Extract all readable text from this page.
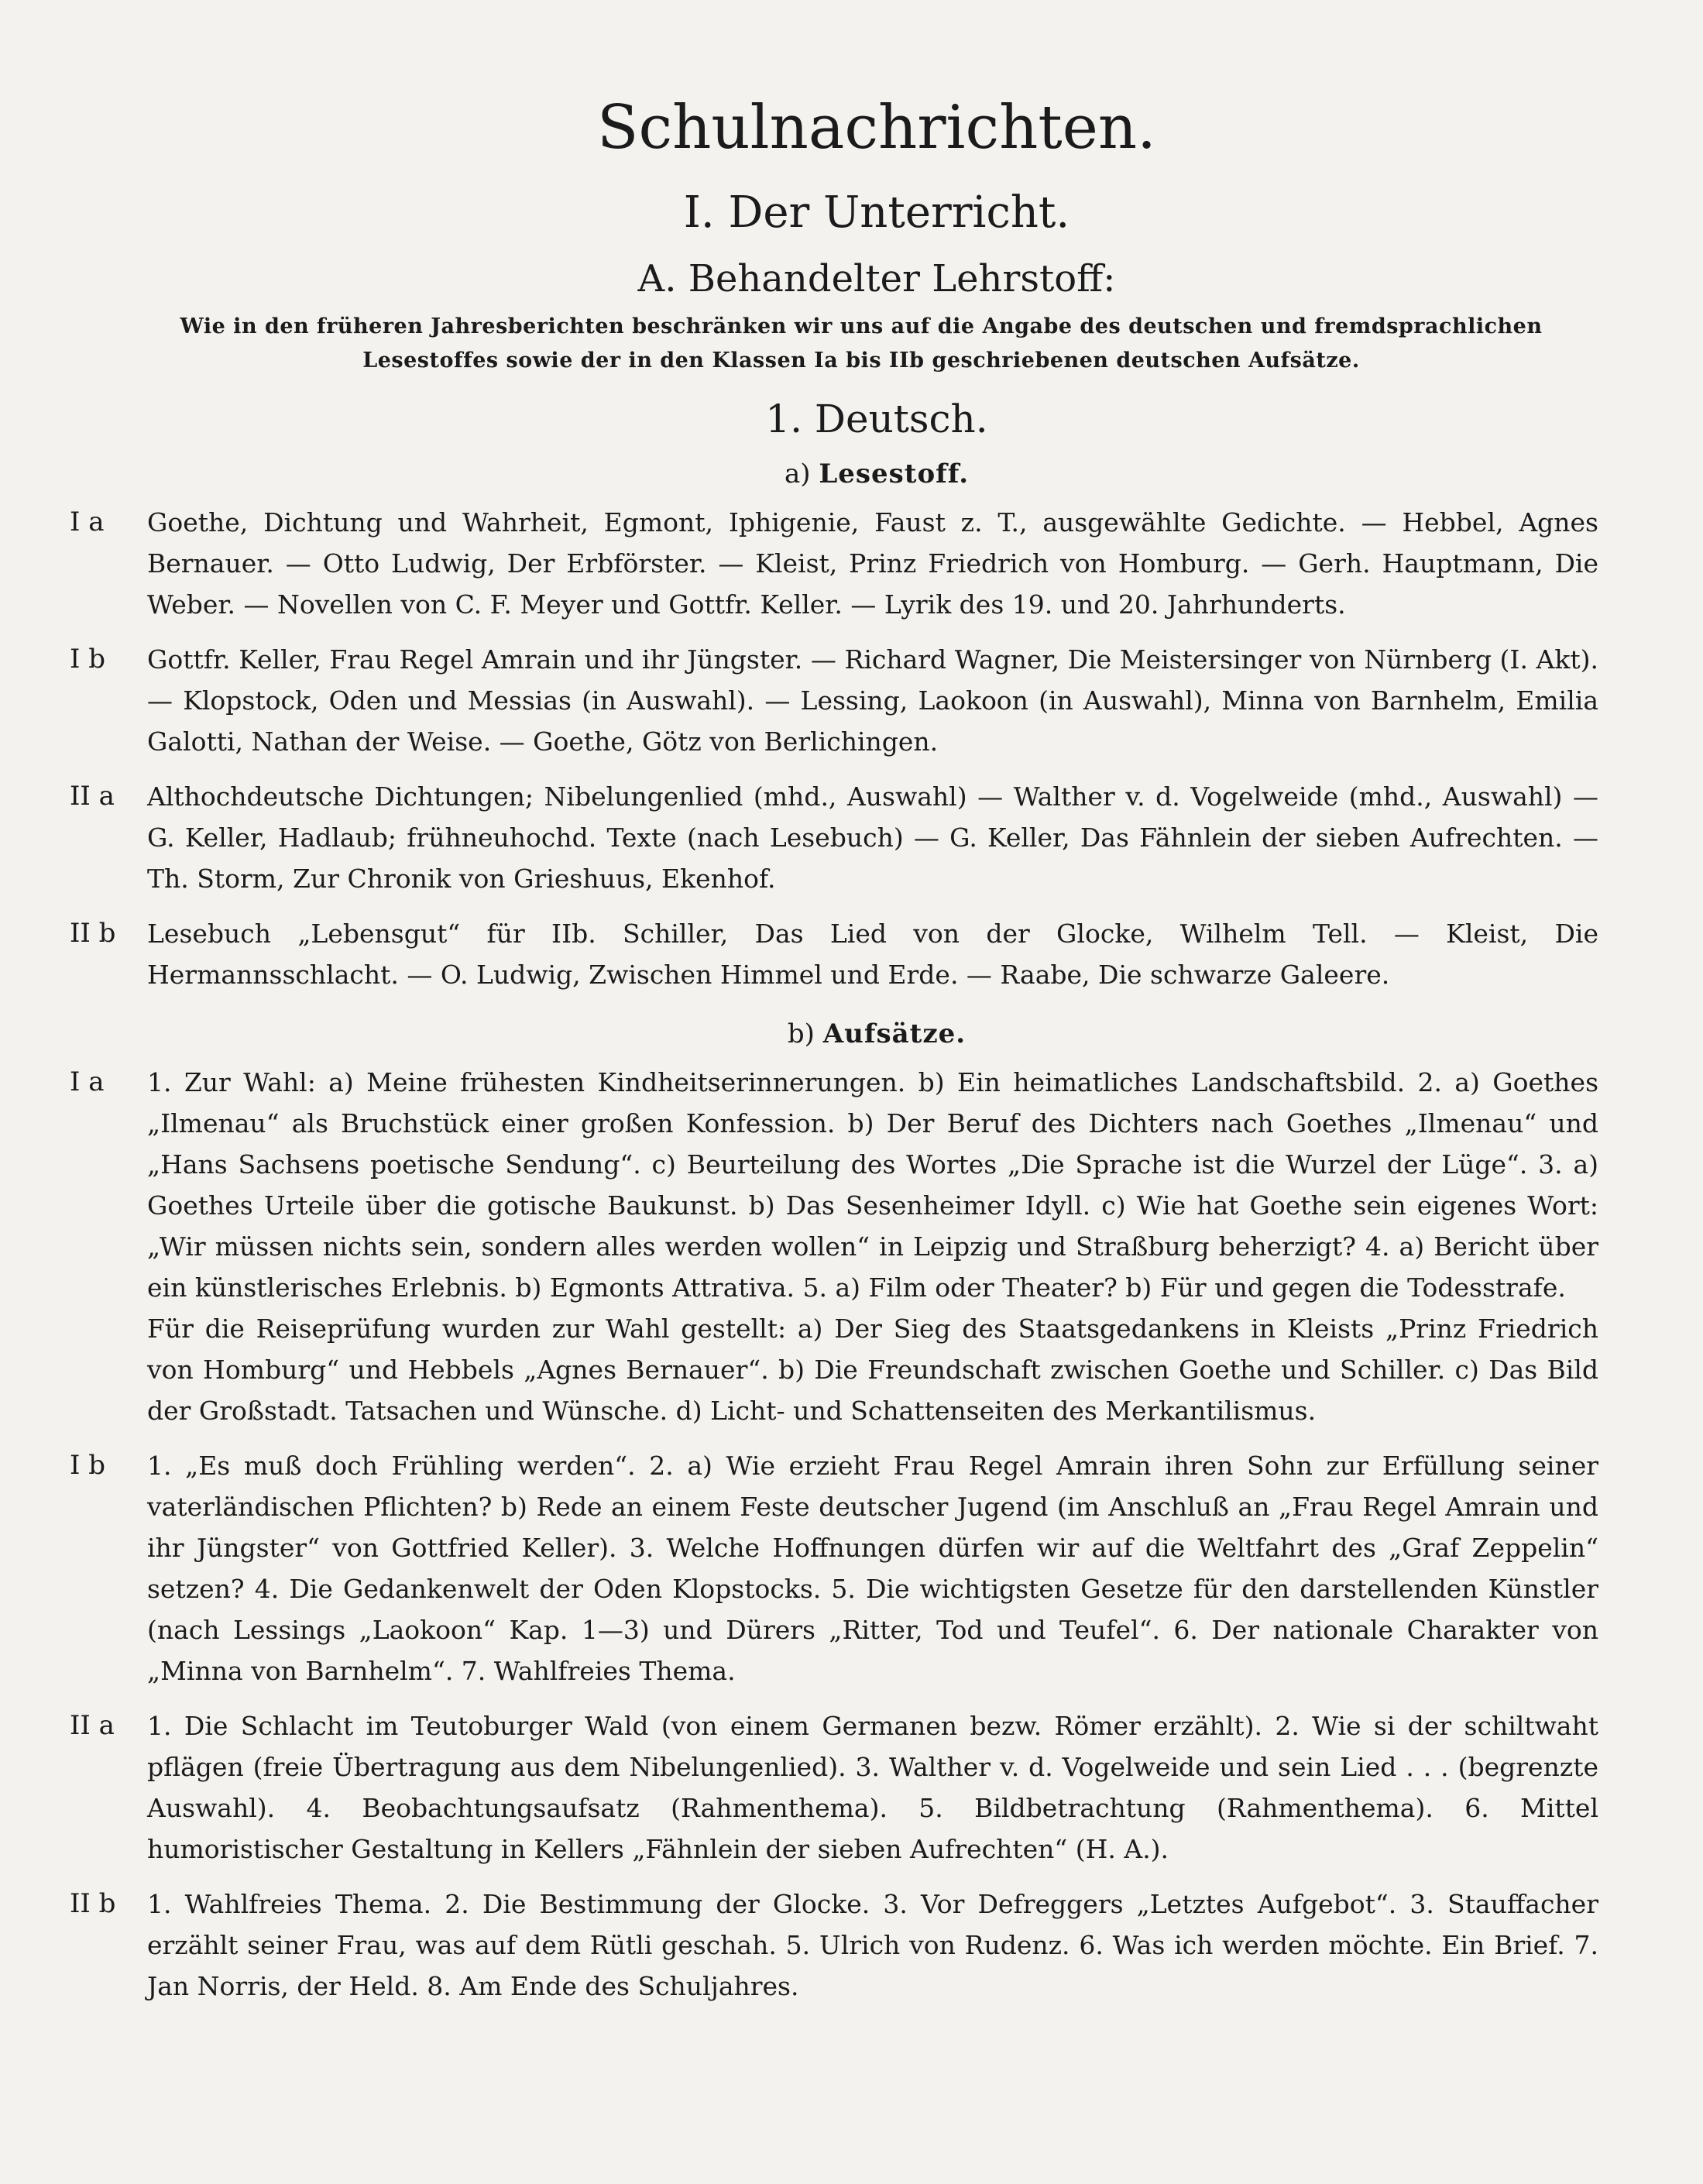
Schulnachrichten.
I. Der Unterricht.
A. Behandelter Lehrstoff:
Wie in den früheren Jahresberichten beschränken wir uns auf die Angabe des deutschen und fremdsprachlichen Lesestoffes sowie der in den Klassen Ia bis IIb geschriebenen deutschen Aufsätze.
1. Deutsch.
a) Lesestoff.
I a	Goethe, Dichtung und Wahrheit, Egmont, Iphigenie, Faust z. T., ausgewählte Gedichte. — Hebbel, Agnes Bernauer. — Otto Ludwig, Der Erbförster. — Kleist, Prinz Friedrich von Homburg. — Gerh. Hauptmann, Die Weber. — Novellen von C. F. Meyer und Gottfr. Keller. — Lyrik des 19. und 20. Jahrhunderts.
I b	Gottfr. Keller, Frau Regel Amrain und ihr Jüngster. — Richard Wagner, Die Meistersinger von Nürnberg (I. Akt). — Klopstock, Oden und Messias (in Auswahl). — Lessing, Laokoon (in Auswahl), Minna von Barnhelm, Emilia Galotti, Nathan der Weise. — Goethe, Götz von Berlichingen.
II a	Althochdeutsche Dichtungen; Nibelungenlied (mhd., Auswahl) — Walther v. d. Vogelweide (mhd., Auswahl) — G. Keller, Hadlaub; frühneuhochd. Texte (nach Lesebuch) — G. Keller, Das Fähnlein der sieben Aufrechten. — Th. Storm, Zur Chronik von Grieshuus, Ekenhof.
II b	Lesebuch „Lebensgut“ für IIb. Schiller, Das Lied von der Glocke, Wilhelm Tell. — Kleist, Die Hermannsschlacht. — O. Ludwig, Zwischen Himmel und Erde. — Raabe, Die schwarze Galeere.
b) Aufsätze.
I a	1. Zur Wahl: a) Meine frühesten Kindheitserinnerungen. b) Ein heimatliches Landschaftsbild. 2. a) Goethes „Ilmenau“ als Bruchstück einer großen Konfession. b) Der Beruf des Dichters nach Goethes „Ilmenau“ und „Hans Sachsens poetische Sendung“. c) Beurteilung des Wortes „Die Sprache ist die Wurzel der Lüge“. 3. a) Goethes Urteile über die gotische Baukunst. b) Das Sesenheimer Idyll. c) Wie hat Goethe sein eigenes Wort: „Wir müssen nichts sein, sondern alles werden wollen“ in Leipzig und Straßburg beherzigt? 4. a) Bericht über ein künstlerisches Erlebnis. b) Egmonts Attrativa. 5. a) Film oder Theater? b) Für und gegen die Todesstrafe.

Für die Reiseprüfung wurden zur Wahl gestellt: a) Der Sieg des Staatsgedankens in Kleists „Prinz Friedrich von Homburg“ und Hebbels „Agnes Bernauer“. b) Die Freundschaft zwischen Goethe und Schiller. c) Das Bild der Großstadt. Tatsachen und Wünsche. d) Licht- und Schattenseiten des Merkantilismus.

I b	1. „Es muß doch Frühling werden“. 2. a) Wie erzieht Frau Regel Amrain ihren Sohn zur Erfüllung seiner vaterländischen Pflichten? b) Rede an einem Feste deutscher Jugend (im Anschluß an „Frau Regel Amrain und ihr Jüngster“ von Gottfried Keller). 3. Welche Hoffnungen dürfen wir auf die Weltfahrt des „Graf Zeppelin“ setzen? 4. Die Gedankenwelt der Oden Klopstocks. 5. Die wichtigsten Gesetze für den darstellenden Künstler (nach Lessings „Laokoon“ Kap. 1—3) und Dürers „Ritter, Tod und Teufel“. 6. Der nationale Charakter von „Minna von Barnhelm“. 7. Wahlfreies Thema.
II a	1. Die Schlacht im Teutoburger Wald (von einem Germanen bezw. Römer erzählt). 2. Wie si der schiltwaht pflägen (freie Übertragung aus dem Nibelungenlied). 3. Walther v. d. Vogelweide und sein Lied . . . (begrenzte Auswahl). 4. Beobachtungsaufsatz (Rahmenthema). 5. Bildbetrachtung (Rahmenthema). 6. Mittel humoristischer Gestaltung in Kellers „Fähnlein der sieben Aufrechten“ (H. A.).
II b	1. Wahlfreies Thema. 2. Die Bestimmung der Glocke. 3. Vor Defreggers „Letztes Aufgebot“. 3. Stauffacher erzählt seiner Frau, was auf dem Rütli geschah. 5. Ulrich von Rudenz. 6. Was ich werden möchte. Ein Brief. 7. Jan Norris, der Held. 8. Am Ende des Schuljahres.
